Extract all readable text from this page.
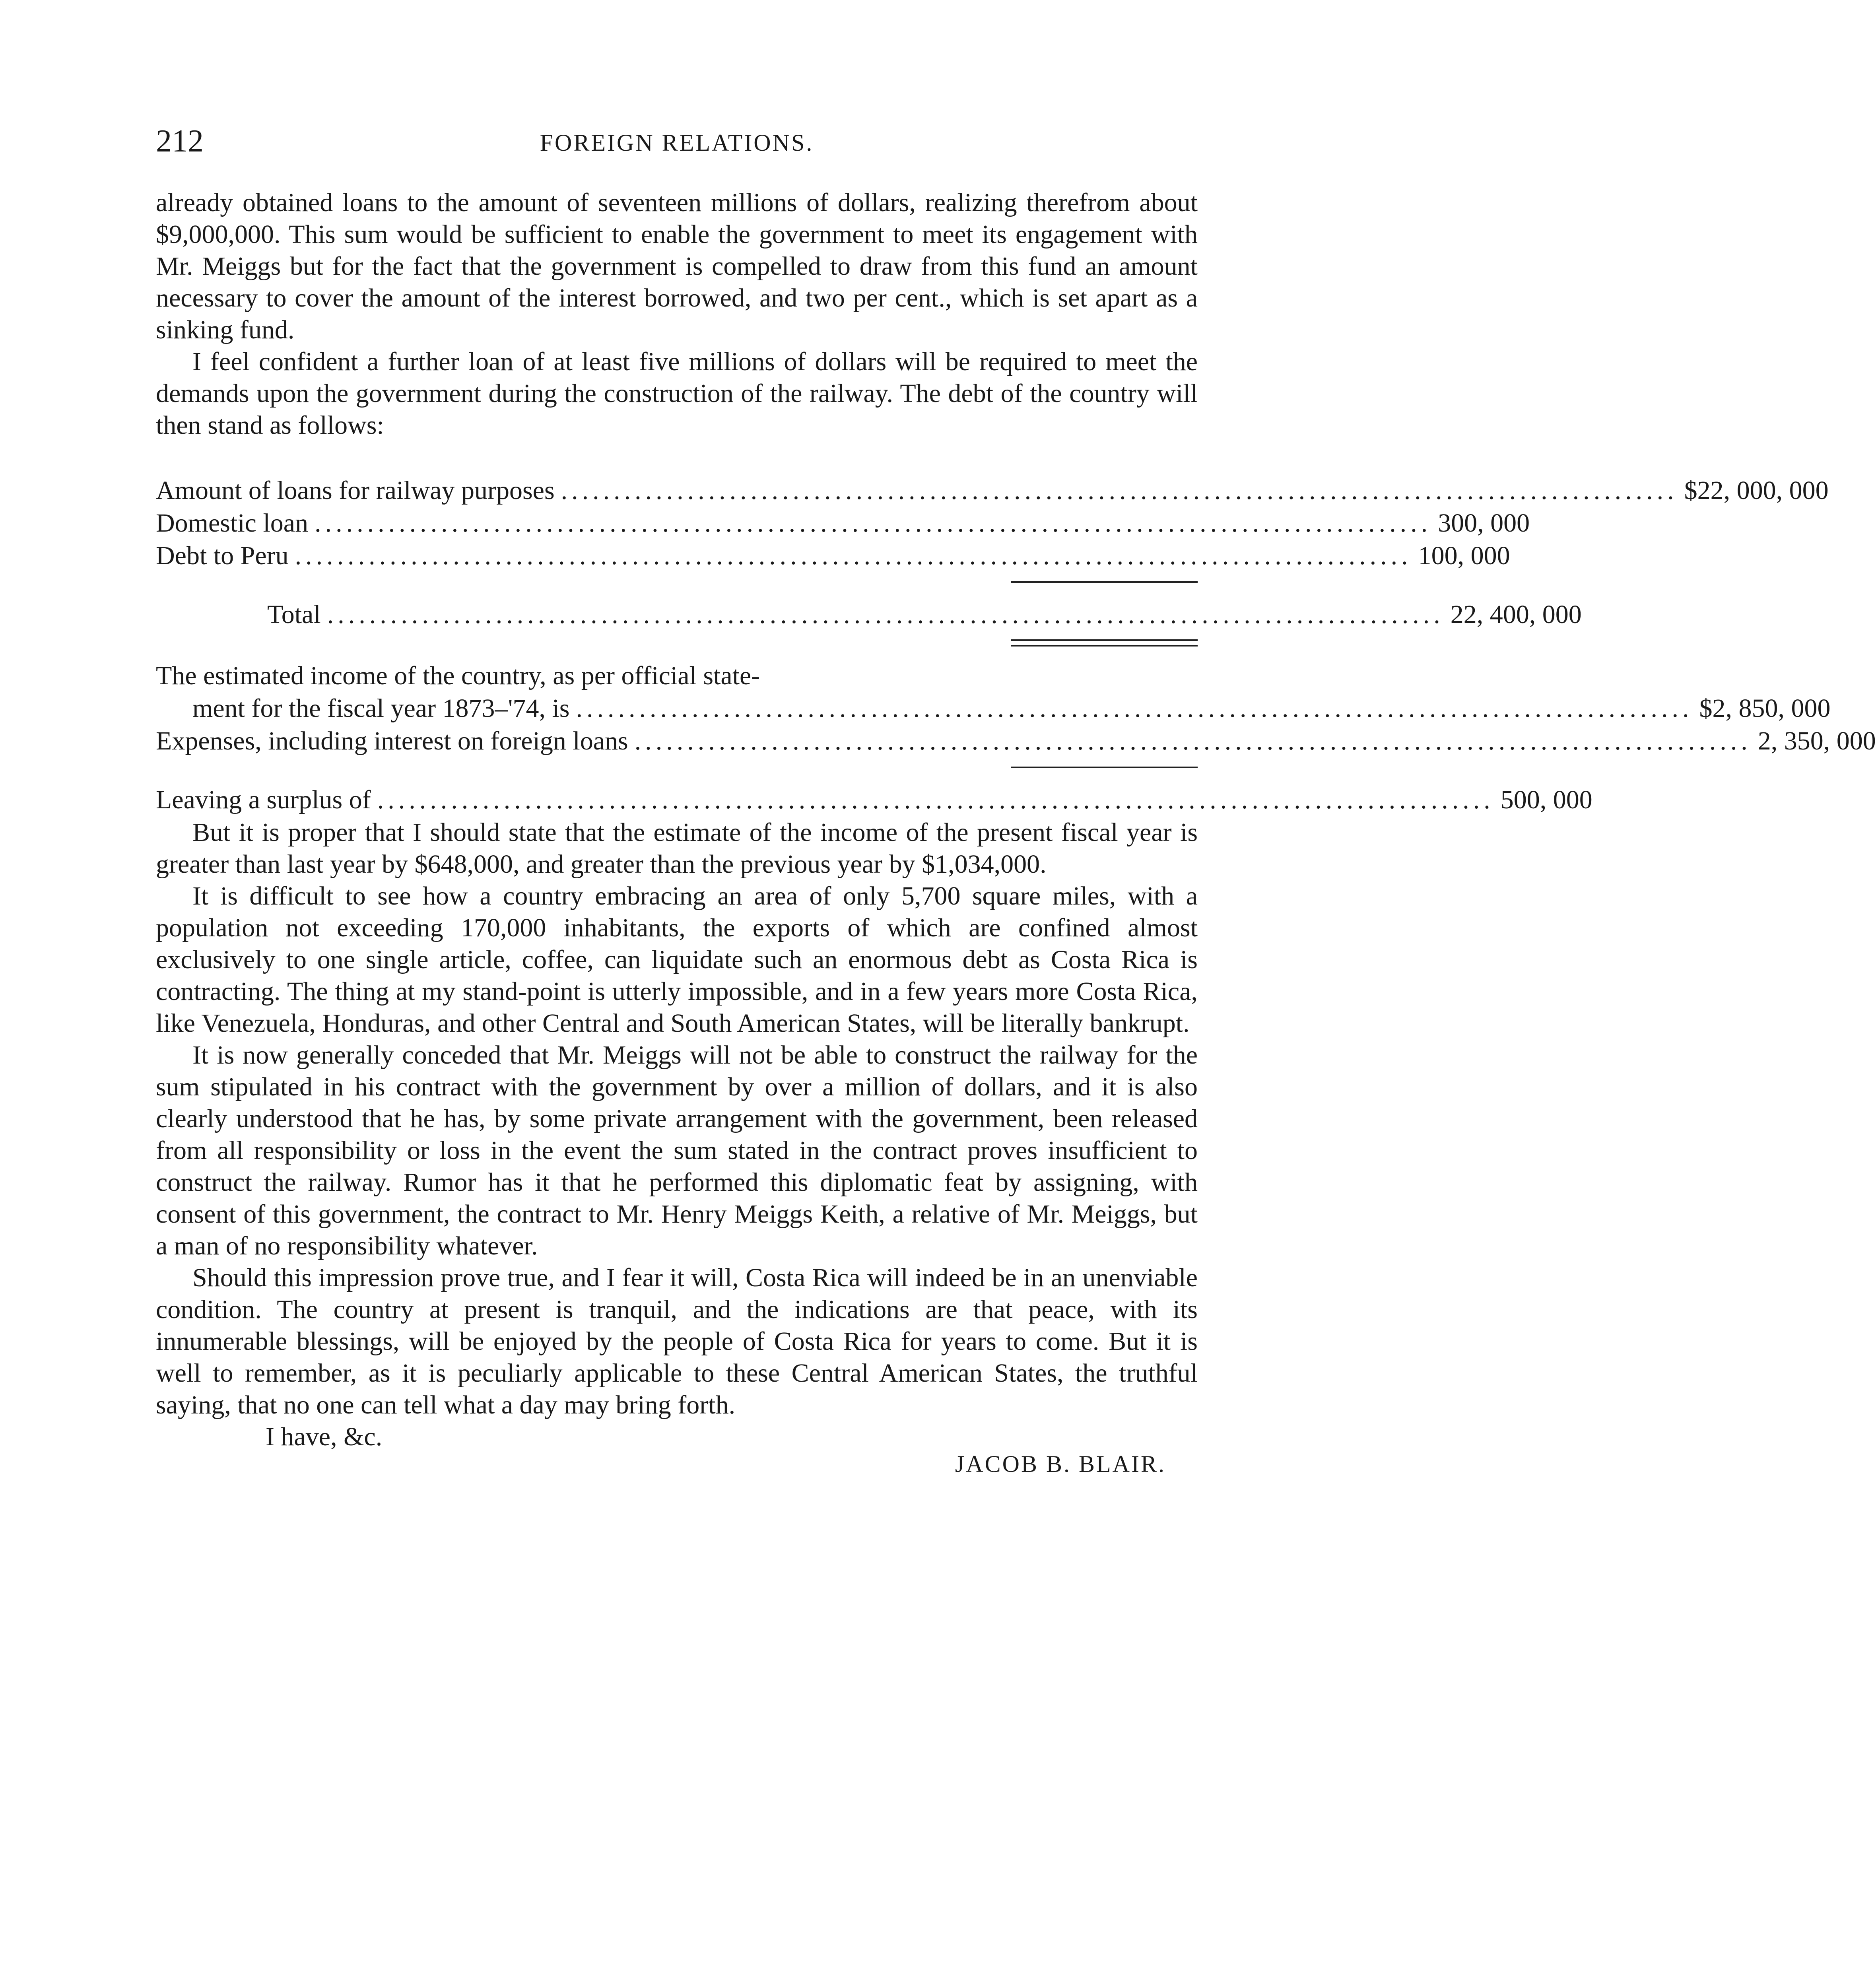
212	FOREIGN RELATIONS.

already obtained loans to the amount of seventeen millions of dollars, realizing therefrom about $9,000,000. This sum would be sufficient to enable the government to meet its engagement with Mr. Meiggs but for the fact that the government is compelled to draw from this fund an amount necessary to cover the amount of the interest borrowed, and two per cent., which is set apart as a sinking fund.

I feel confident a further loan of at least five millions of dollars will be required to meet the demands upon the government during the construction of the railway. The debt of the country will then stand as follows:

Amount of loans for railway purposes .......................................................................................................... $22, 000, 000
Domestic loan .......................................................................................................... 300, 000
Debt to Peru .......................................................................................................... 100, 000
Total .......................................................................................................... 22, 400, 000
The estimated income of the country, as per official state-
ment for the fiscal year 1873–'74, is .......................................................................................................... $2, 850, 000
Expenses, including interest on foreign loans .......................................................................................................... 2, 350, 000
Leaving a surplus of .......................................................................................................... 500, 000

But it is proper that I should state that the estimate of the income of the present fiscal year is greater than last year by $648,000, and greater than the previous year by $1,034,000.

It is difficult to see how a country embracing an area of only 5,700 square miles, with a population not exceeding 170,000 inhabitants, the exports of which are confined almost exclusively to one single article, coffee, can liquidate such an enormous debt as Costa Rica is contracting. The thing at my stand-point is utterly impossible, and in a few years more Costa Rica, like Venezuela, Honduras, and other Central and South American States, will be literally bankrupt.

It is now generally conceded that Mr. Meiggs will not be able to construct the railway for the sum stipulated in his contract with the government by over a million of dollars, and it is also clearly understood that he has, by some private arrangement with the government, been released from all responsibility or loss in the event the sum stated in the contract proves insufficient to construct the railway. Rumor has it that he performed this diplomatic feat by assigning, with consent of this government, the contract to Mr. Henry Meiggs Keith, a relative of Mr. Meiggs, but a man of no responsibility whatever.

Should this impression prove true, and I fear it will, Costa Rica will indeed be in an unenviable condition. The country at present is tranquil, and the indications are that peace, with its innumerable blessings, will be enjoyed by the people of Costa Rica for years to come. But it is well to remember, as it is peculiarly applicable to these Central American States, the truthful saying, that no one can tell what a day may bring forth.

I have, &c.
JACOB B. BLAIR.
